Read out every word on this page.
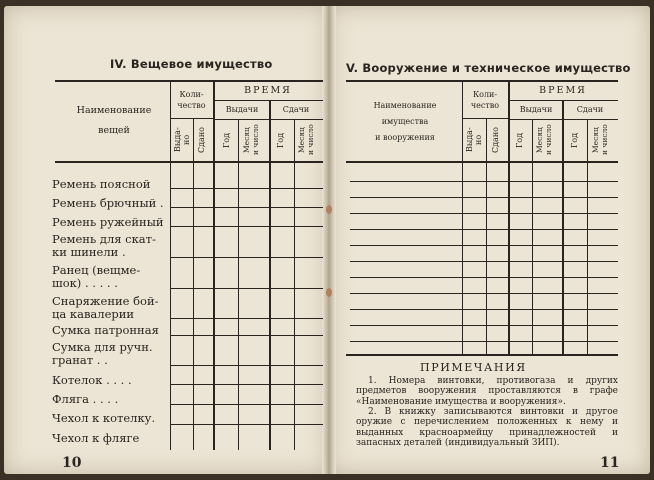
IV. Вещевое имущество
Наименование
вещей
Коли-
чество
ВРЕМЯ
Выдачи	Сдачи
Выда- но Сдано Год Месяц и число Год Месяц и число
Ремень поясной
Ремень брючный .
Ремень ружейный
Ремень для скат-
ки шинели .
Ранец (вещме-
шок) . . . . .
Снаряжение бой-
ца кавалерии
Сумка патронная
Сумка для ручн.
гранат . .
Котелок . . . .
Фляга . . . .
Чехол к котелку.
Чехол к фляге
10
V. Вооружение и техническое имущество
Наименование
имущества
и вооружения
Коли-
чество
ВРЕМЯ
Выдачи	Сдачи
Выда- но Сдано Год Месяц и число Год Месяц и число
ПРИМЕЧАНИЯ
1. Номера винтовки, противогаза и других предметов вооружения проставляются в графе «Наименование имущества и вооружения».
2. В книжку записываются винтовки и другое оружие с перечислением положенных к нему и выданных красноармейцу принадлежностей и запасных деталей (индивидуальный ЗИП).
11
